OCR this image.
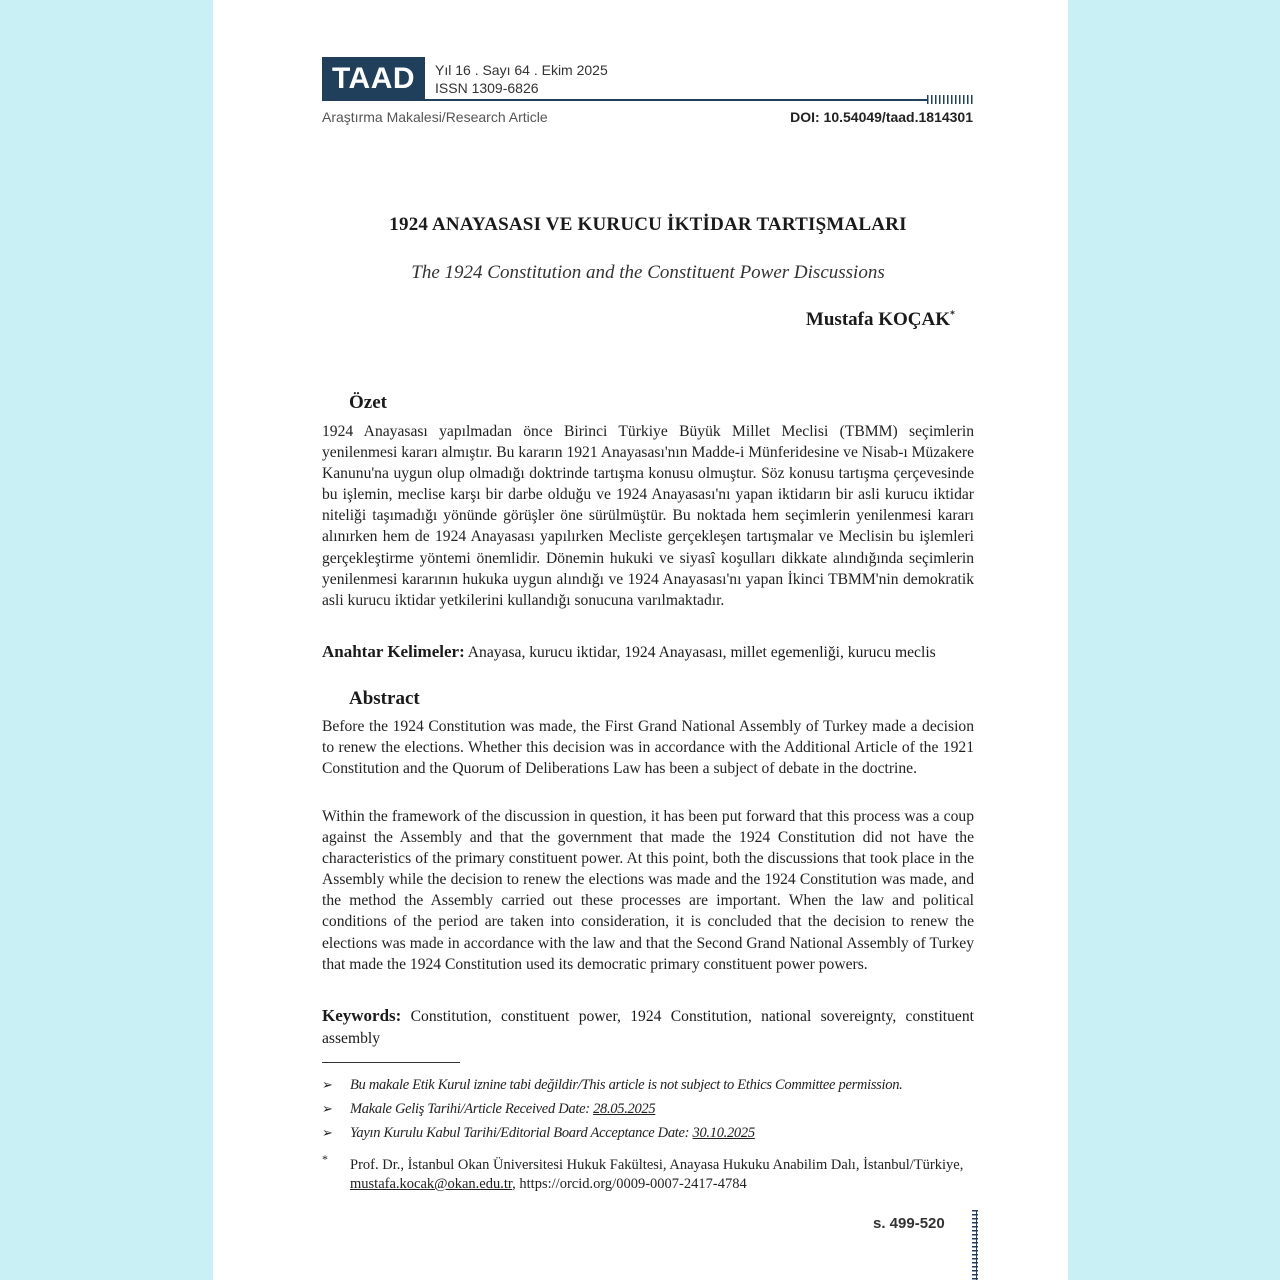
TAAD	Yıl 16 . Sayı 64 . Ekim 2025
ISSN 1309-6826
Araştırma Makalesi/Research Article	DOI: 10.54049/taad.1814301
1924 ANAYASASI VE KURUCU İKTİDAR TARTIŞMALARI
The 1924 Constitution and the Constituent Power Discussions
Mustafa KOÇAK*
Özet
1924 Anayasası yapılmadan önce Birinci Türkiye Büyük Millet Meclisi (TBMM) seçimlerin yenilenmesi kararı almıştır. Bu kararın 1921 Anayasası'nın Madde-i Münferidesine ve Nisab-ı Müzakere Kanunu'na uygun olup olmadığı doktrinde tartışma konusu olmuştur. Söz konusu tartışma çerçevesinde bu işlemin, meclise karşı bir darbe olduğu ve 1924 Anayasası'nı yapan iktidarın bir asli kurucu iktidar niteliği taşımadığı yönünde görüşler öne sürülmüştür. Bu noktada hem seçimlerin yenilenmesi kararı alınırken hem de 1924 Anayasası yapılırken Mecliste gerçekleşen tartışmalar ve Meclisin bu işlemleri gerçekleştirme yöntemi önemlidir. Dönemin hukuki ve siyasî koşulları dikkate alındığında seçimlerin yenilenmesi kararının hukuka uygun alındığı ve 1924 Anayasası'nı yapan İkinci TBMM'nin demokratik asli kurucu iktidar yetkilerini kullandığı sonucuna varılmaktadır.
Anahtar Kelimeler: Anayasa, kurucu iktidar, 1924 Anayasası, millet egemenliği, kurucu meclis
Abstract
Before the 1924 Constitution was made, the First Grand National Assembly of Turkey made a decision to renew the elections. Whether this decision was in accordance with the Additional Article of the 1921 Constitution and the Quorum of Deliberations Law has been a subject of debate in the doctrine.
Within the framework of the discussion in question, it has been put forward that this process was a coup against the Assembly and that the government that made the 1924 Constitution did not have the characteristics of the primary constituent power. At this point, both the discussions that took place in the Assembly while the decision to renew the elections was made and the 1924 Constitution was made, and the method the Assembly carried out these processes are important. When the law and political conditions of the period are taken into consideration, it is concluded that the decision to renew the elections was made in accordance with the law and that the Second Grand National Assembly of Turkey that made the 1924 Constitution used its democratic primary constituent power powers.
Keywords: Constitution, constituent power, 1924 Constitution, national sovereignty, constituent assembly
➢ Bu makale Etik Kurul iznine tabi değildir/This article is not subject to Ethics Committee permission.
➢ Makale Geliş Tarihi/Article Received Date: 28.05.2025
➢ Yayın Kurulu Kabul Tarihi/Editorial Board Acceptance Date: 30.10.2025
* Prof. Dr., İstanbul Okan Üniversitesi Hukuk Fakültesi, Anayasa Hukuku Anabilim Dalı, İstanbul/Türkiye,
mustafa.kocak@okan.edu.tr, https://orcid.org/0009-0007-2417-4784
s. 499-520
